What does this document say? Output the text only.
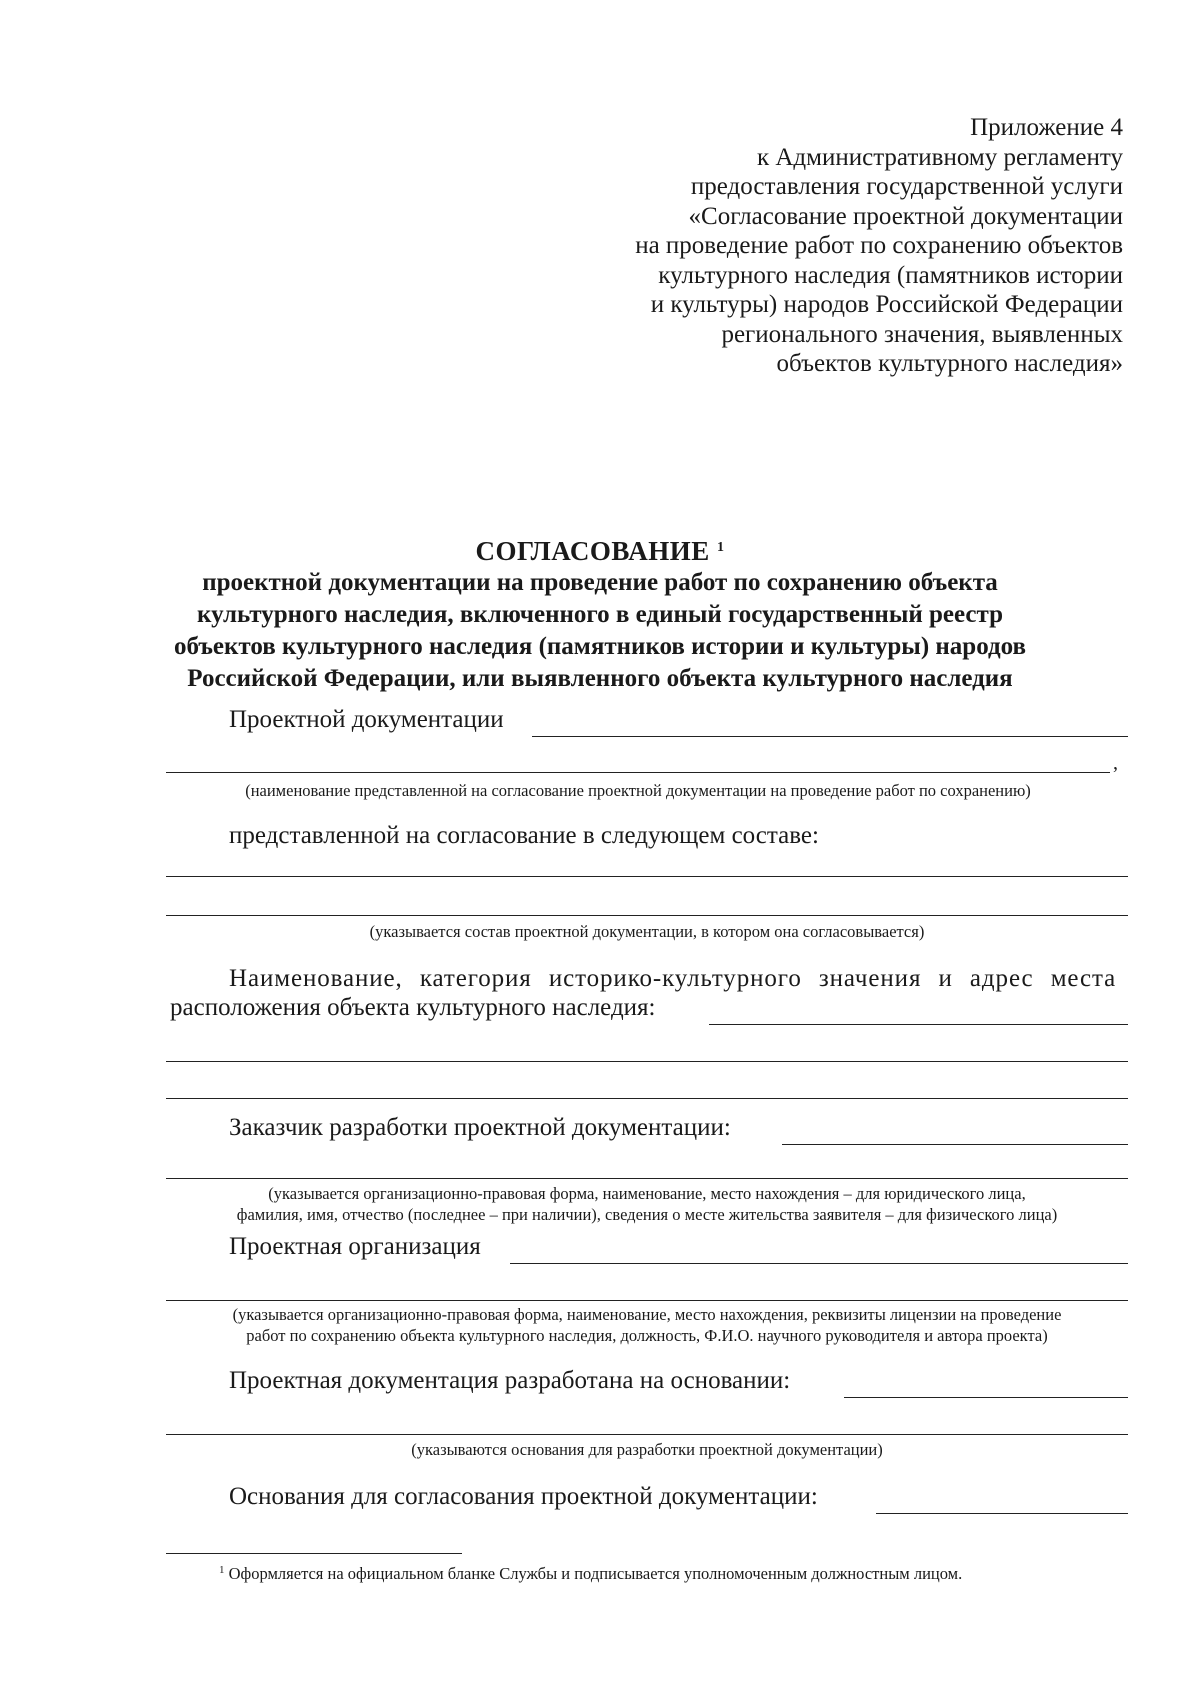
Приложение 4
к Административному регламенту
предоставления государственной услуги
«Согласование проектной документации
на проведение работ по сохранению объектов
культурного наследия (памятников истории
и культуры) народов Российской Федерации
регионального значения, выявленных
объектов культурного наследия»
СОГЛАСОВАНИЕ $^1$
проектной документации на проведение работ по сохранению объекта
культурного наследия, включенного в единый государственный реестр
объектов культурного наследия (памятников истории и культуры) народов
Российской Федерации, или выявленного объекта культурного наследия
Проектной документации
,
(наименование представленной на согласование проектной документации на проведение работ по сохранению)
представленной на согласование в следующем составе:
(указывается состав проектной документации, в котором она согласовывается)
Наименование, категория историко-культурного значения и адрес места
расположения объекта культурного наследия:
Заказчик разработки проектной документации:
(указывается организационно-правовая форма, наименование, место нахождения – для юридического лица,
фамилия, имя, отчество (последнее – при наличии), сведения о месте жительства заявителя – для физического лица)
Проектная организация
(указывается организационно-правовая форма, наименование, место нахождения, реквизиты лицензии на проведение
работ по сохранению объекта культурного наследия, должность, Ф.И.О. научного руководителя и автора проекта)
Проектная документация разработана на основании:
(указываются основания для разработки проектной документации)
Основания для согласования проектной документации:
$^1$ Оформляется на официальном бланке Службы и подписывается уполномоченным должностным лицом.
